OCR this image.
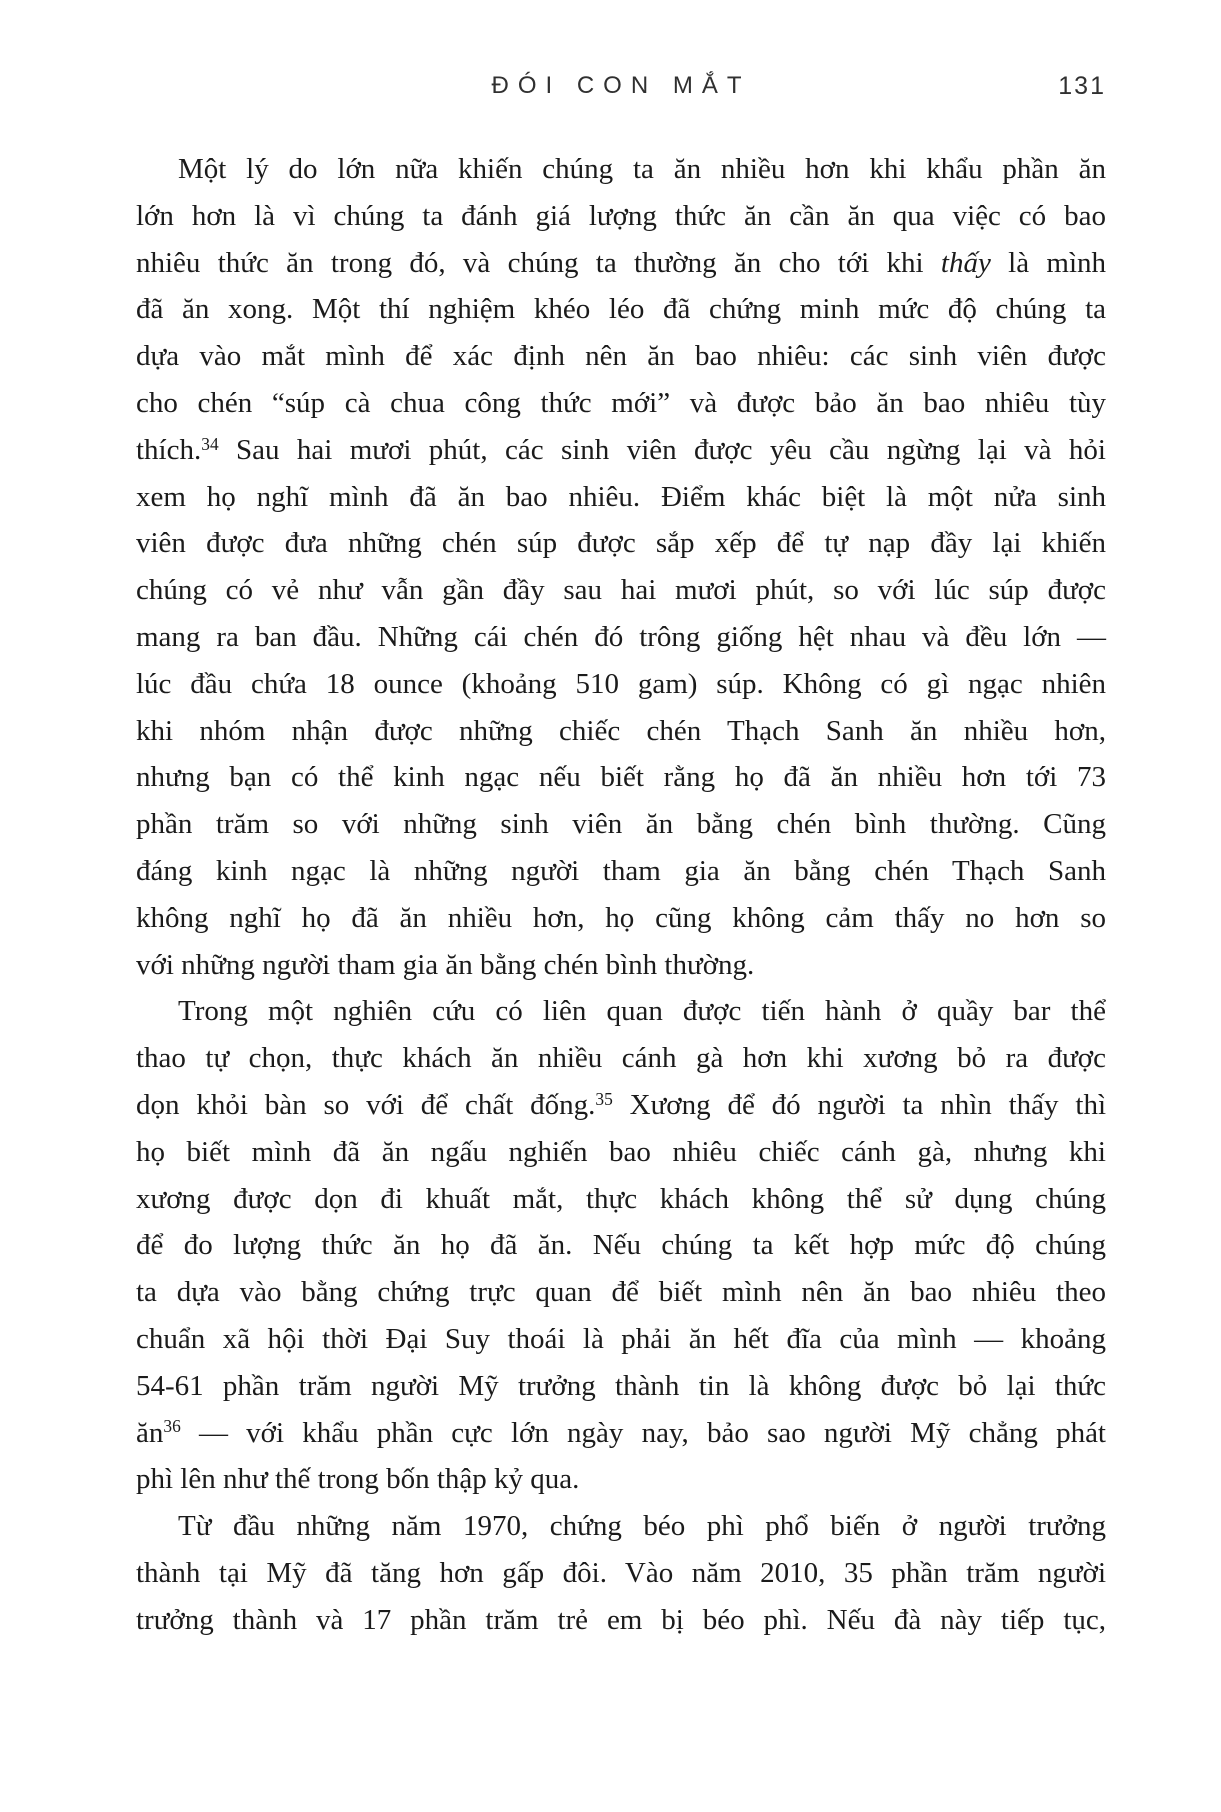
ĐÓI CON MẮT	131
Một lý do lớn nữa khiến chúng ta ăn nhiều hơn khi khẩu phần ăn
lớn hơn là vì chúng ta đánh giá lượng thức ăn cần ăn qua việc có bao
nhiêu thức ăn trong đó, và chúng ta thường ăn cho tới khi thấy là mình
đã ăn xong. Một thí nghiệm khéo léo đã chứng minh mức độ chúng ta
dựa vào mắt mình để xác định nên ăn bao nhiêu: các sinh viên được
cho chén “súp cà chua công thức mới” và được bảo ăn bao nhiêu tùy
thích.$^{34}$ Sau hai mươi phút, các sinh viên được yêu cầu ngừng lại và hỏi
xem họ nghĩ mình đã ăn bao nhiêu. Điểm khác biệt là một nửa sinh
viên được đưa những chén súp được sắp xếp để tự nạp đầy lại khiến
chúng có vẻ như vẫn gần đầy sau hai mươi phút, so với lúc súp được
mang ra ban đầu. Những cái chén đó trông giống hệt nhau và đều lớn —
lúc đầu chứa 18 ounce (khoảng 510 gam) súp. Không có gì ngạc nhiên
khi nhóm nhận được những chiếc chén Thạch Sanh ăn nhiều hơn,
nhưng bạn có thể kinh ngạc nếu biết rằng họ đã ăn nhiều hơn tới 73
phần trăm so với những sinh viên ăn bằng chén bình thường. Cũng
đáng kinh ngạc là những người tham gia ăn bằng chén Thạch Sanh
không nghĩ họ đã ăn nhiều hơn, họ cũng không cảm thấy no hơn so
với những người tham gia ăn bằng chén bình thường.
Trong một nghiên cứu có liên quan được tiến hành ở quầy bar thể
thao tự chọn, thực khách ăn nhiều cánh gà hơn khi xương bỏ ra được
dọn khỏi bàn so với để chất đống.$^{35}$ Xương để đó người ta nhìn thấy thì
họ biết mình đã ăn ngấu nghiến bao nhiêu chiếc cánh gà, nhưng khi
xương được dọn đi khuất mắt, thực khách không thể sử dụng chúng
để đo lượng thức ăn họ đã ăn. Nếu chúng ta kết hợp mức độ chúng
ta dựa vào bằng chứng trực quan để biết mình nên ăn bao nhiêu theo
chuẩn xã hội thời Đại Suy thoái là phải ăn hết đĩa của mình — khoảng
54-61 phần trăm người Mỹ trưởng thành tin là không được bỏ lại thức
$ăn^{36}$ — với khẩu phần cực lớn ngày nay, bảo sao người Mỹ chẳng phát
phì lên như thế trong bốn thập kỷ qua.
Từ đầu những năm 1970, chứng béo phì phổ biến ở người trưởng
thành tại Mỹ đã tăng hơn gấp đôi. Vào năm 2010, 35 phần trăm người
trưởng thành và 17 phần trăm trẻ em bị béo phì. Nếu đà này tiếp tục,
